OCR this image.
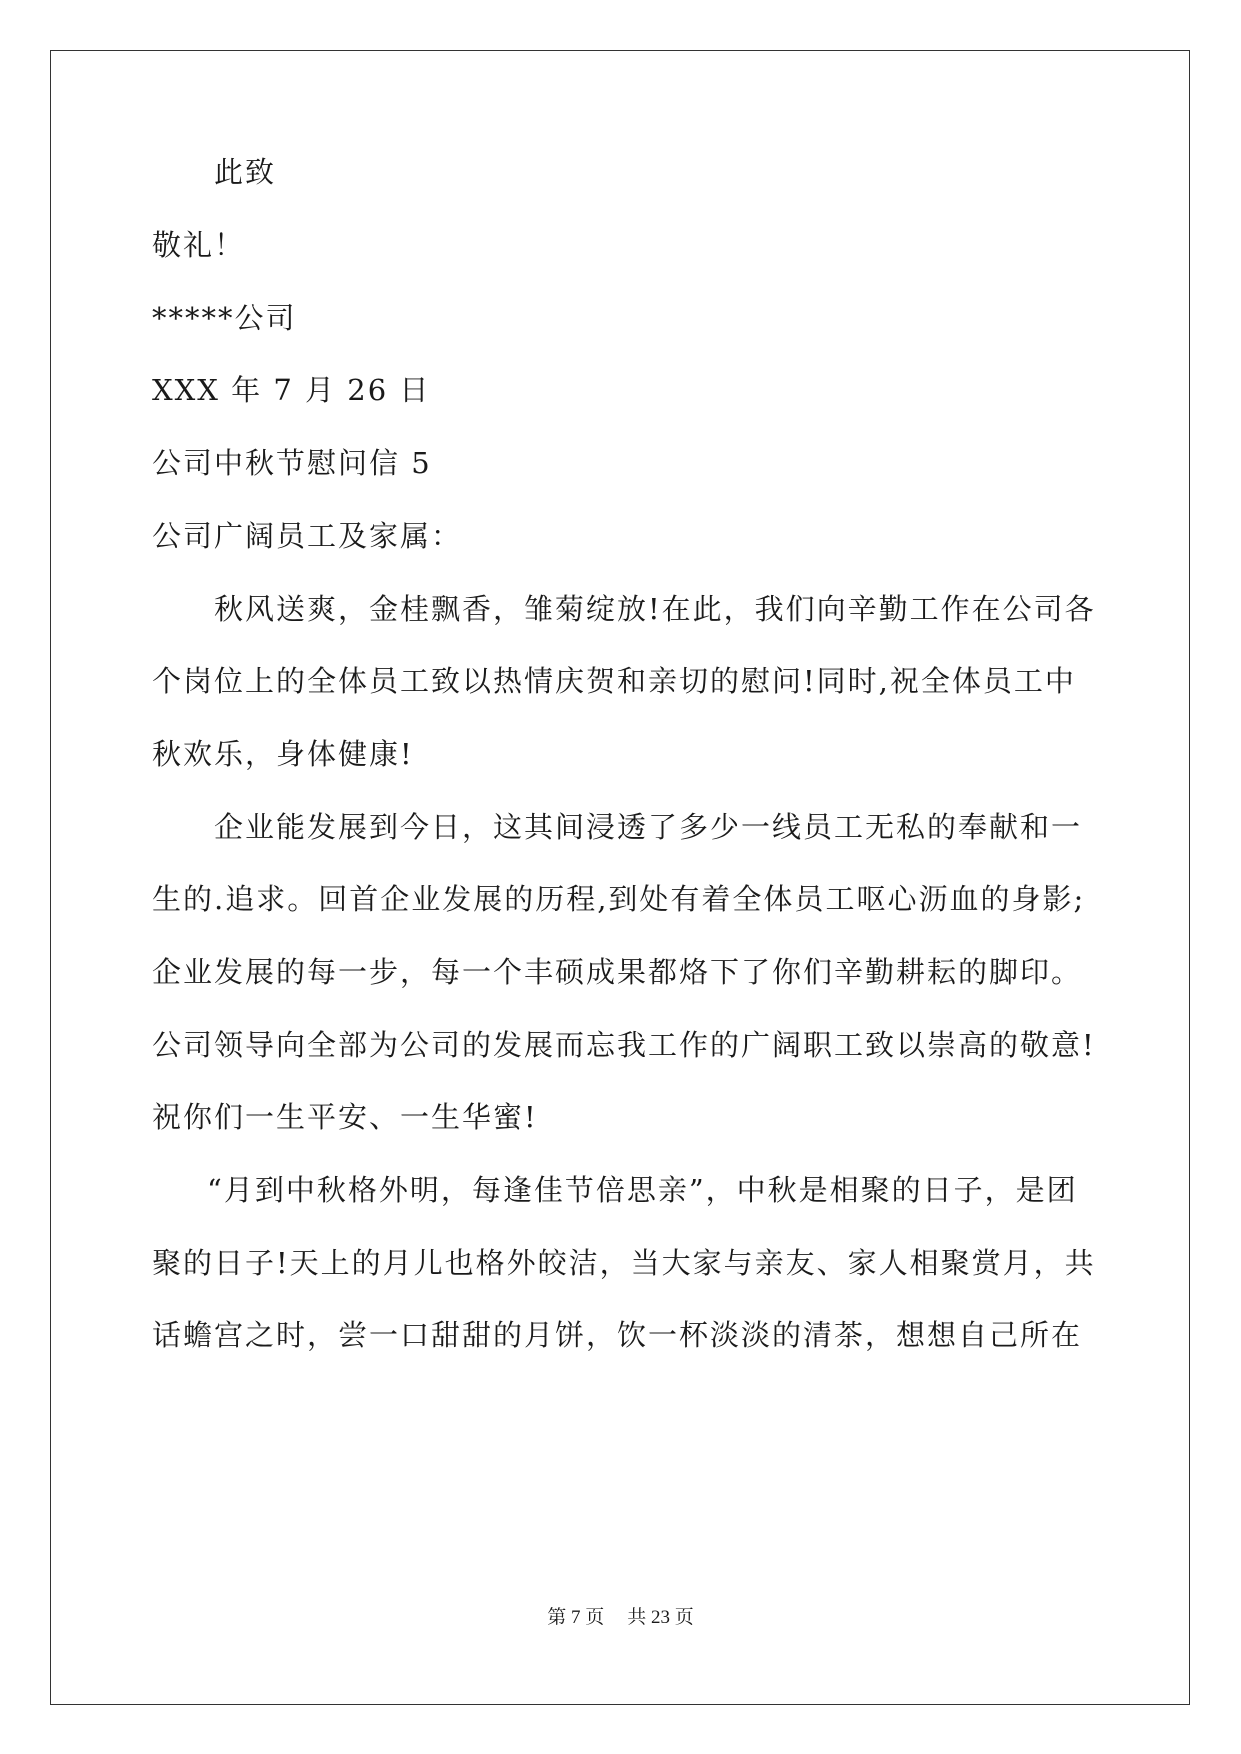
此致
敬礼！
*****公司
XXX 年 7 月 26 日
公司中秋节慰问信 5
公司广阔员工及家属：
秋风送爽，金桂飘香，雏菊绽放!在此，我们向辛勤工作在公司各
个岗位上的全体员工致以热情庆贺和亲切的慰问!同时,祝全体员工中
秋欢乐，身体健康!
企业能发展到今日，这其间浸透了多少一线员工无私的奉献和一
生的.追求。回首企业发展的历程,到处有着全体员工呕心沥血的身影;
企业发展的每一步，每一个丰硕成果都烙下了你们辛勤耕耘的脚印。
公司领导向全部为公司的发展而忘我工作的广阔职工致以崇高的敬意!
祝你们一生平安、一生华蜜!
“月到中秋格外明，每逢佳节倍思亲”，中秋是相聚的日子，是团
聚的日子!天上的月儿也格外皎洁，当大家与亲友、家人相聚赏月，共
话蟾宫之时，尝一口甜甜的月饼，饮一杯淡淡的清茶，想想自己所在
第 7 页 共 23 页
